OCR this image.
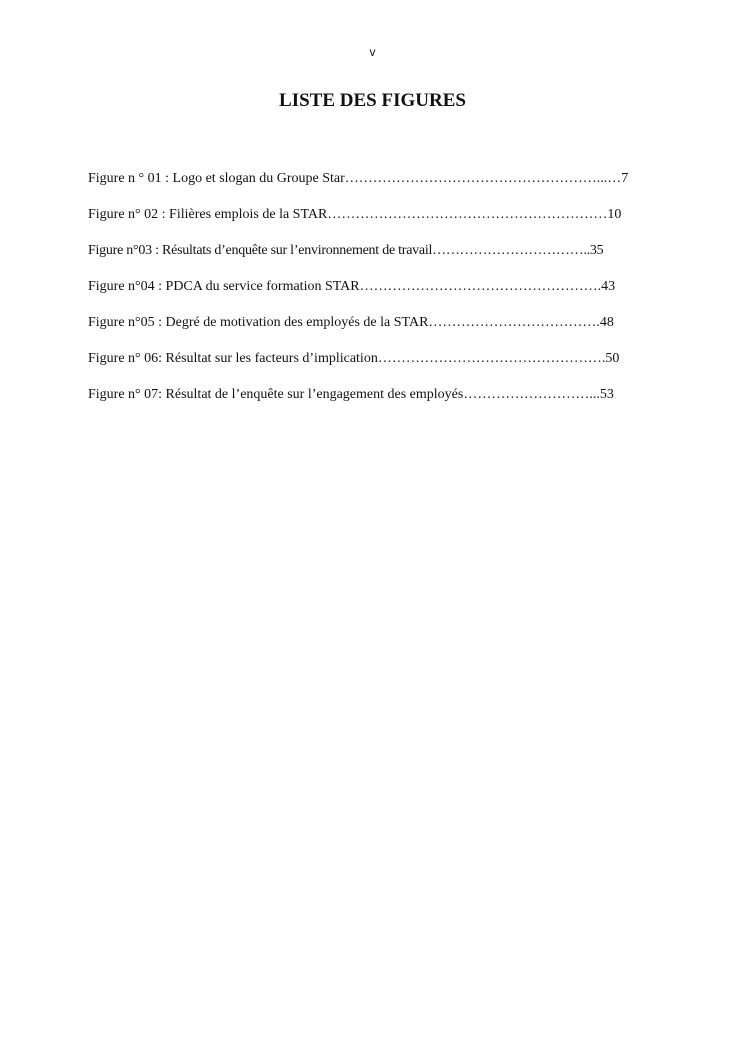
v
LISTE DES FIGURES
Figure n ° 01 : Logo et slogan du Groupe Star………………………………………………...…7
Figure n° 02 : Filières emplois de la STAR……………………………………………………10
Figure n°03 : Résultats d’enquête sur l’environnement de travail……………………………..35
Figure n°04 : PDCA du service formation STAR…………………………………………….43
Figure n°05 : Degré de motivation des employés de la STAR……………………………….48
Figure n° 06: Résultat sur les facteurs d’implication………………………………………….50
Figure n° 07: Résultat de l’enquête sur l’engagement des employés………………………...53
